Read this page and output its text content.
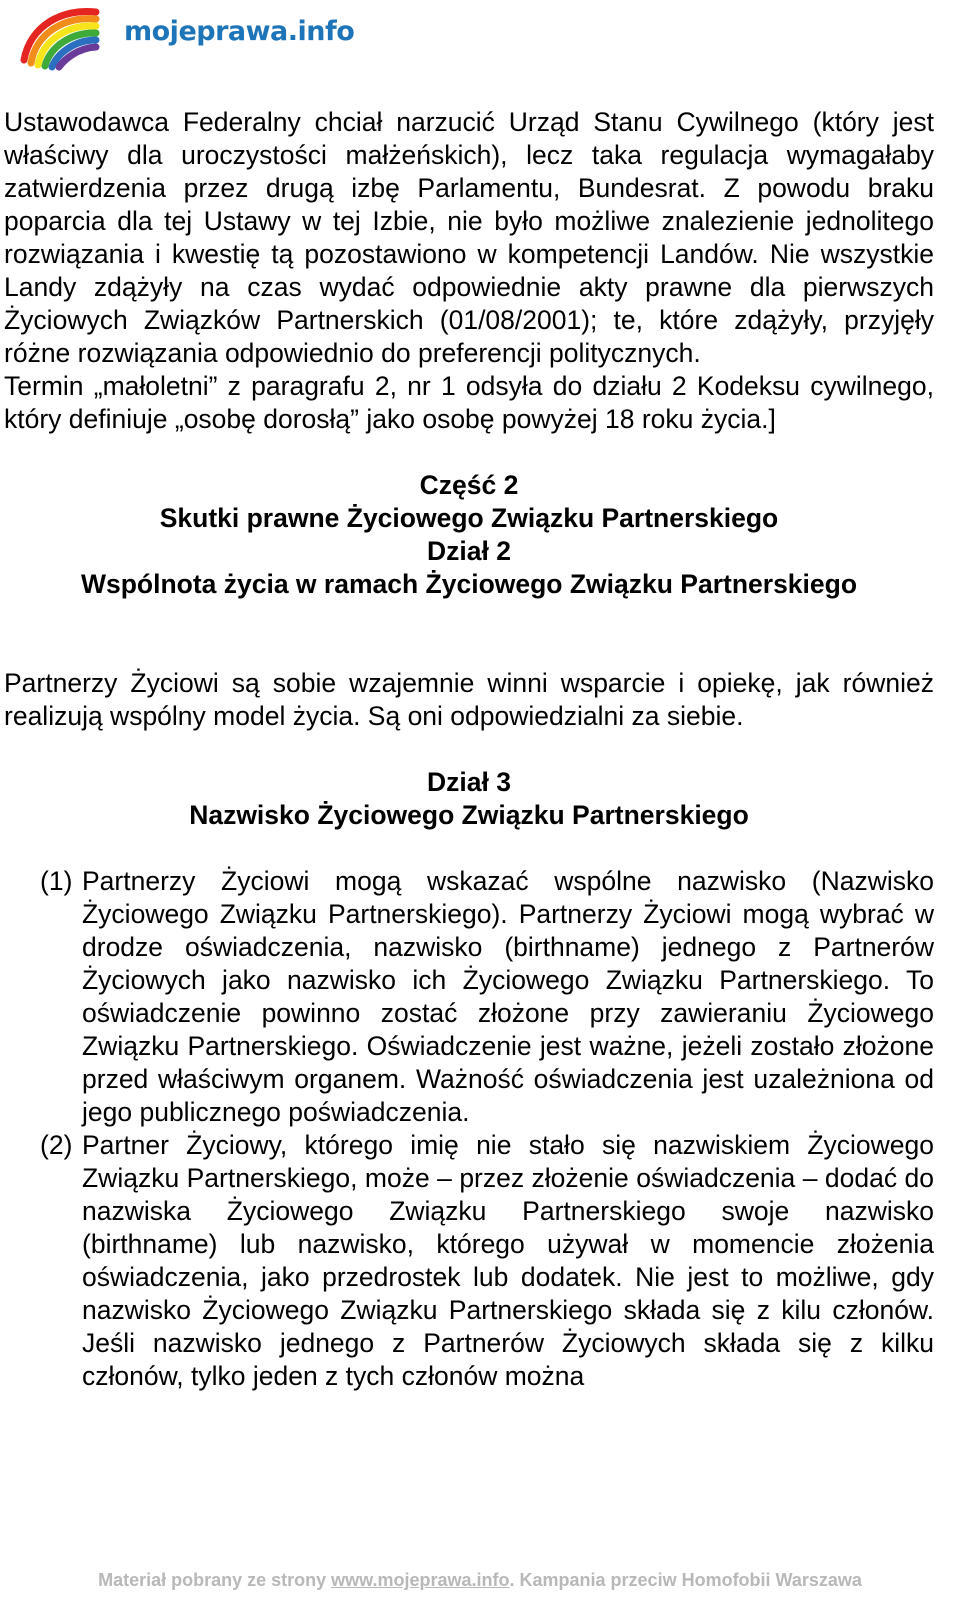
mojeprawa.info

Ustawodawca Federalny chciał narzucić Urząd Stanu Cywilnego (który jest właściwy dla uroczystości małżeńskich), lecz taka regulacja wymagałaby zatwierdzenia przez drugą izbę Parlamentu, Bundesrat. Z powodu braku poparcia dla tej Ustawy w tej Izbie, nie było możliwe znalezienie jednolitego rozwiązania i kwestię tą pozostawiono w kompetencji Landów. Nie wszystkie Landy zdążyły na czas wydać odpowiednie akty prawne dla pierwszych Życiowych Związków Partnerskich (01/08/2001); te, które zdążyły, przyjęły różne rozwiązania odpowiednio do preferencji politycznych.

Termin „małoletni” z paragrafu 2, nr 1 odsyła do działu 2 Kodeksu cywilnego, który definiuje „osobę dorosłą” jako osobę powyżej 18 roku życia.]

Część 2
Skutki prawne Życiowego Związku Partnerskiego
Dział 2
Wspólnota życia w ramach Życiowego Związku Partnerskiego

Partnerzy Życiowi są sobie wzajemnie winni wsparcie i opiekę, jak również realizują wspólny model życia. Są oni odpowiedzialni za siebie.

Dział 3
Nazwisko Życiowego Związku Partnerskiego
(1) Partnerzy Życiowi mogą wskazać wspólne nazwisko (Nazwisko Życiowego Związku Partnerskiego). Partnerzy Życiowi mogą wybrać w drodze oświadczenia, nazwisko (birthname) jednego z Partnerów Życiowych jako nazwisko ich Życiowego Związku Partnerskiego. To oświadczenie powinno zostać złożone przy zawieraniu Życiowego Związku Partnerskiego. Oświadczenie jest ważne, jeżeli zostało złożone przed właściwym organem. Ważność oświadczenia jest uzależniona od jego publicznego poświadczenia.
(2) Partner Życiowy, którego imię nie stało się nazwiskiem Życiowego Związku Partnerskiego, może – przez złożenie oświadczenia – dodać do nazwiska Życiowego Związku Partnerskiego swoje nazwisko (birthname) lub nazwisko, którego używał w momencie złożenia oświadczenia, jako przedrostek lub dodatek. Nie jest to możliwe, gdy nazwisko Życiowego Związku Partnerskiego składa się z kilu członów. Jeśli nazwisko jednego z Partnerów Życiowych składa się z kilku członów, tylko jeden z tych członów można
Materiał pobrany ze strony www.mojeprawa.info. Kampania przeciw Homofobii Warszawa
